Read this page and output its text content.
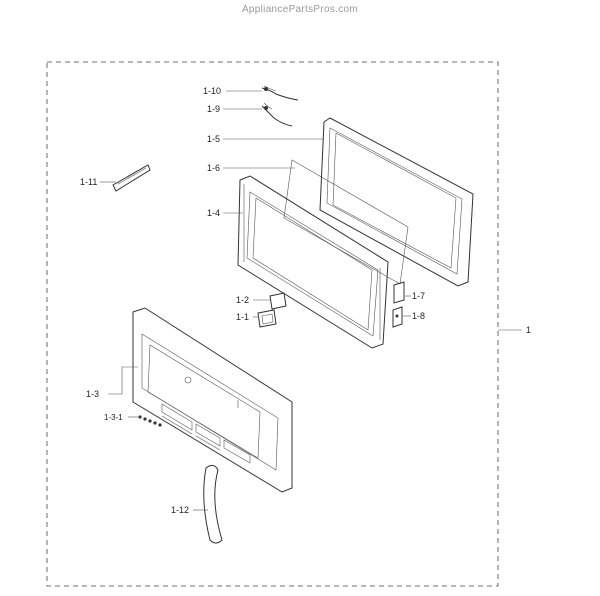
AppliancePartsPros.com
1-10
1-9
1-5
1-6
1-4
1-11
1-2
1-1
1-7
1-8
1-3
1-3-1
1-12
1
